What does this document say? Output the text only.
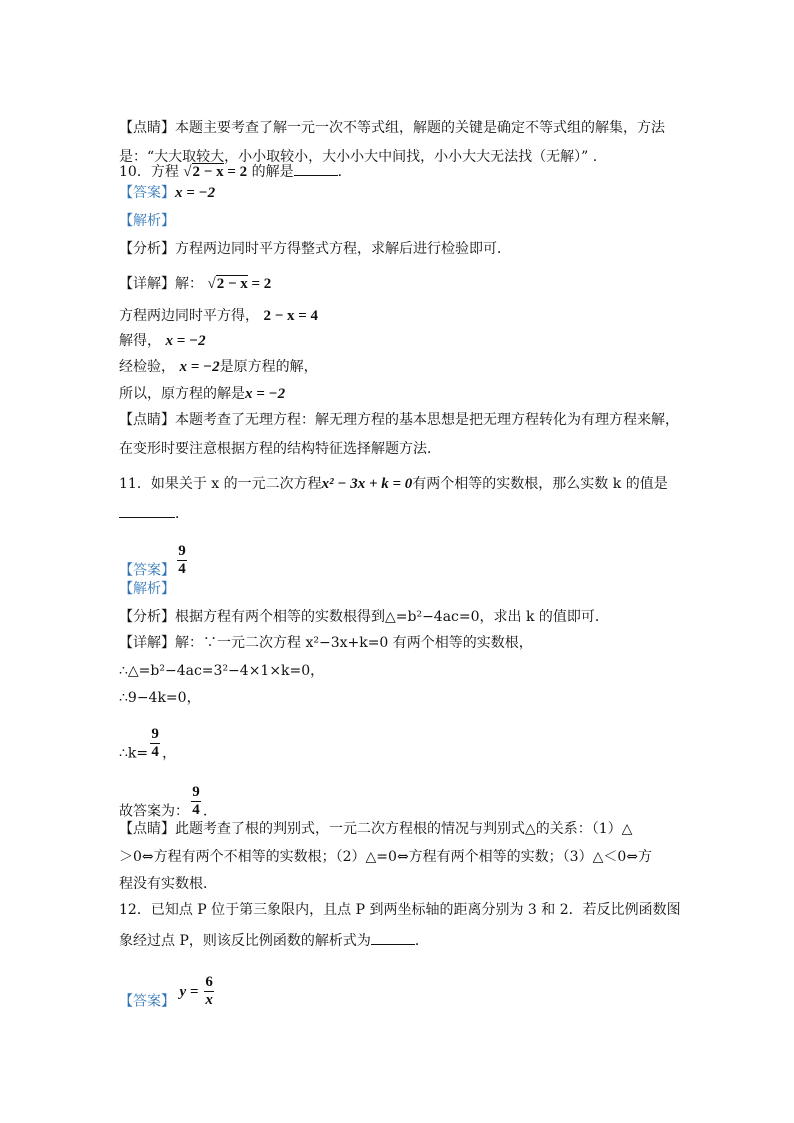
【点睛】本题主要考查了解一元一次不等式组，解题的关键是确定不等式组的解集，方法
是：“大大取较大，小小取较小，大小小大中间找，小小大大无法找（无解）” .
10．方程 √2 − x = 2 的解是	．
【答案】x = −2
【解析】
【分析】方程两边同时平方得整式方程，求解后进行检验即可．
【详解】解： √2 − x = 2
方程两边同时平方得， 2 − x = 4
解得， x = −2
经检验， x = −2是原方程的解，
所以，原方程的解是x = −2
【点睛】本题考查了无理方程：解无理方程的基本思想是把无理方程转化为有理方程来解，
在变形时要注意根据方程的结构特征选择解题方法．
11．如果关于 x 的一元二次方程x² − 3x + k = 0有两个相等的实数根，那么实数 k 的值是
．
【答案】 $\frac{9}{4}$
【解析】
【分析】根据方程有两个相等的实数根得到△=b²−4ac=0，求出 k 的值即可．
【详解】解：∵一元二次方程 x²−3x+k=0 有两个相等的实数根，
∴△=b²−4ac=3²−4×1×k=0，
∴9−4k=0，
∴k= $\frac{9}{4}$ ，
故答案为： $\frac{9}{4}$ ．
【点睛】此题考查了根的判别式，一元二次方程根的情况与判别式△的关系：（1）△
＞0⇔方程有两个不相等的实数根；（2）△=0⇔方程有两个相等的实数；（3）△＜0⇔方
程没有实数根．
12．已知点 P 位于第三象限内，且点 P 到两坐标轴的距离分别为 3 和 2．若反比例函数图
象经过点 P，则该反比例函数的解析式为	．
【答案】 $y = \frac{6}{x}$
